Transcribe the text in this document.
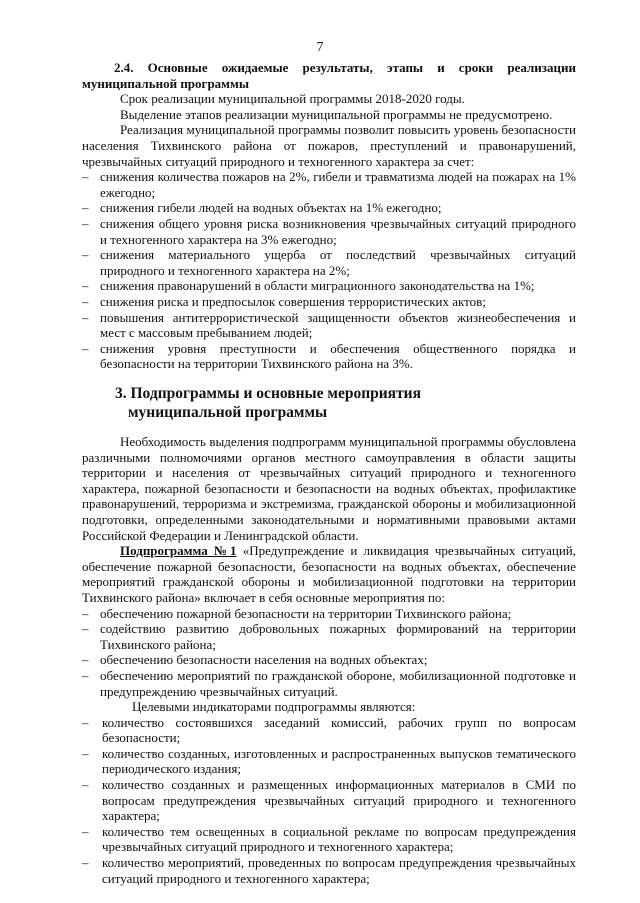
7
2.4. Основные ожидаемые результаты, этапы и сроки реализации муниципальной программы

Срок реализации муниципальной программы 2018-2020 годы.

Выделение этапов реализации муниципальной программы не предусмотрено.

Реализация муниципальной программы позволит повысить уровень безопасности населения Тихвинского района от пожаров, преступлений и правонарушений, чрезвычайных ситуаций природного и техногенного характера за счет:

– снижения количества пожаров на 2%, гибели и травматизма людей на пожарах на 1% ежегодно;
– снижения гибели людей на водных объектах на 1% ежегодно;
– снижения общего уровня риска возникновения чрезвычайных ситуаций природного и техногенного характера на 3% ежегодно;
– снижения материального ущерба от последствий чрезвычайных ситуаций природного и техногенного характера на 2%;
– снижения правонарушений в области миграционного законодательства на 1%;
– снижения риска и предпосылок совершения террористических актов;
– повышения антитеррористической защищенности объектов жизнеобеспечения и мест с массовым пребыванием людей;
– снижения уровня преступности и обеспечения общественного порядка и безопасности на территории Тихвинского района на 3%.
3. Подпрограммы и основные мероприятия
муниципальной программы

Необходимость выделения подпрограмм муниципальной программы обусловлена различными полномочиями органов местного самоуправления в области защиты территории и населения от чрезвычайных ситуаций природного и техногенного характера, пожарной безопасности и безопасности на водных объектах, профилактике правонарушений, терроризма и экстремизма, гражданской обороны и мобилизационной подготовки, определенными законодательными и нормативными правовыми актами Российской Федерации и Ленинградской области.

Подпрограмма №1 «Предупреждение и ликвидация чрезвычайных ситуаций, обеспечение пожарной безопасности, безопасности на водных объектах, обеспечение мероприятий гражданской обороны и мобилизационной подготовки на территории Тихвинского района» включает в себя основные мероприятия по:

– обеспечению пожарной безопасности на территории Тихвинского района;
– содействию развитию добровольных пожарных формирований на территории Тихвинского района;
– обеспечению безопасности населения на водных объектах;
– обеспечению мероприятий по гражданской обороне, мобилизационной подготовке и предупреждению чрезвычайных ситуаций.

Целевыми индикаторами подпрограммы являются:

– количество состоявшихся заседаний комиссий, рабочих групп по вопросам безопасности;
– количество созданных, изготовленных и распространенных выпусков тематического периодического издания;
– количество созданных и размещенных информационных материалов в СМИ по вопросам предупреждения чрезвычайных ситуаций природного и техногенного характера;
– количество тем освещенных в социальной рекламе по вопросам предупреждения чрезвычайных ситуаций природного и техногенного характера;
– количество мероприятий, проведенных по вопросам предупреждения чрезвычайных ситуаций природного и техногенного характера;
